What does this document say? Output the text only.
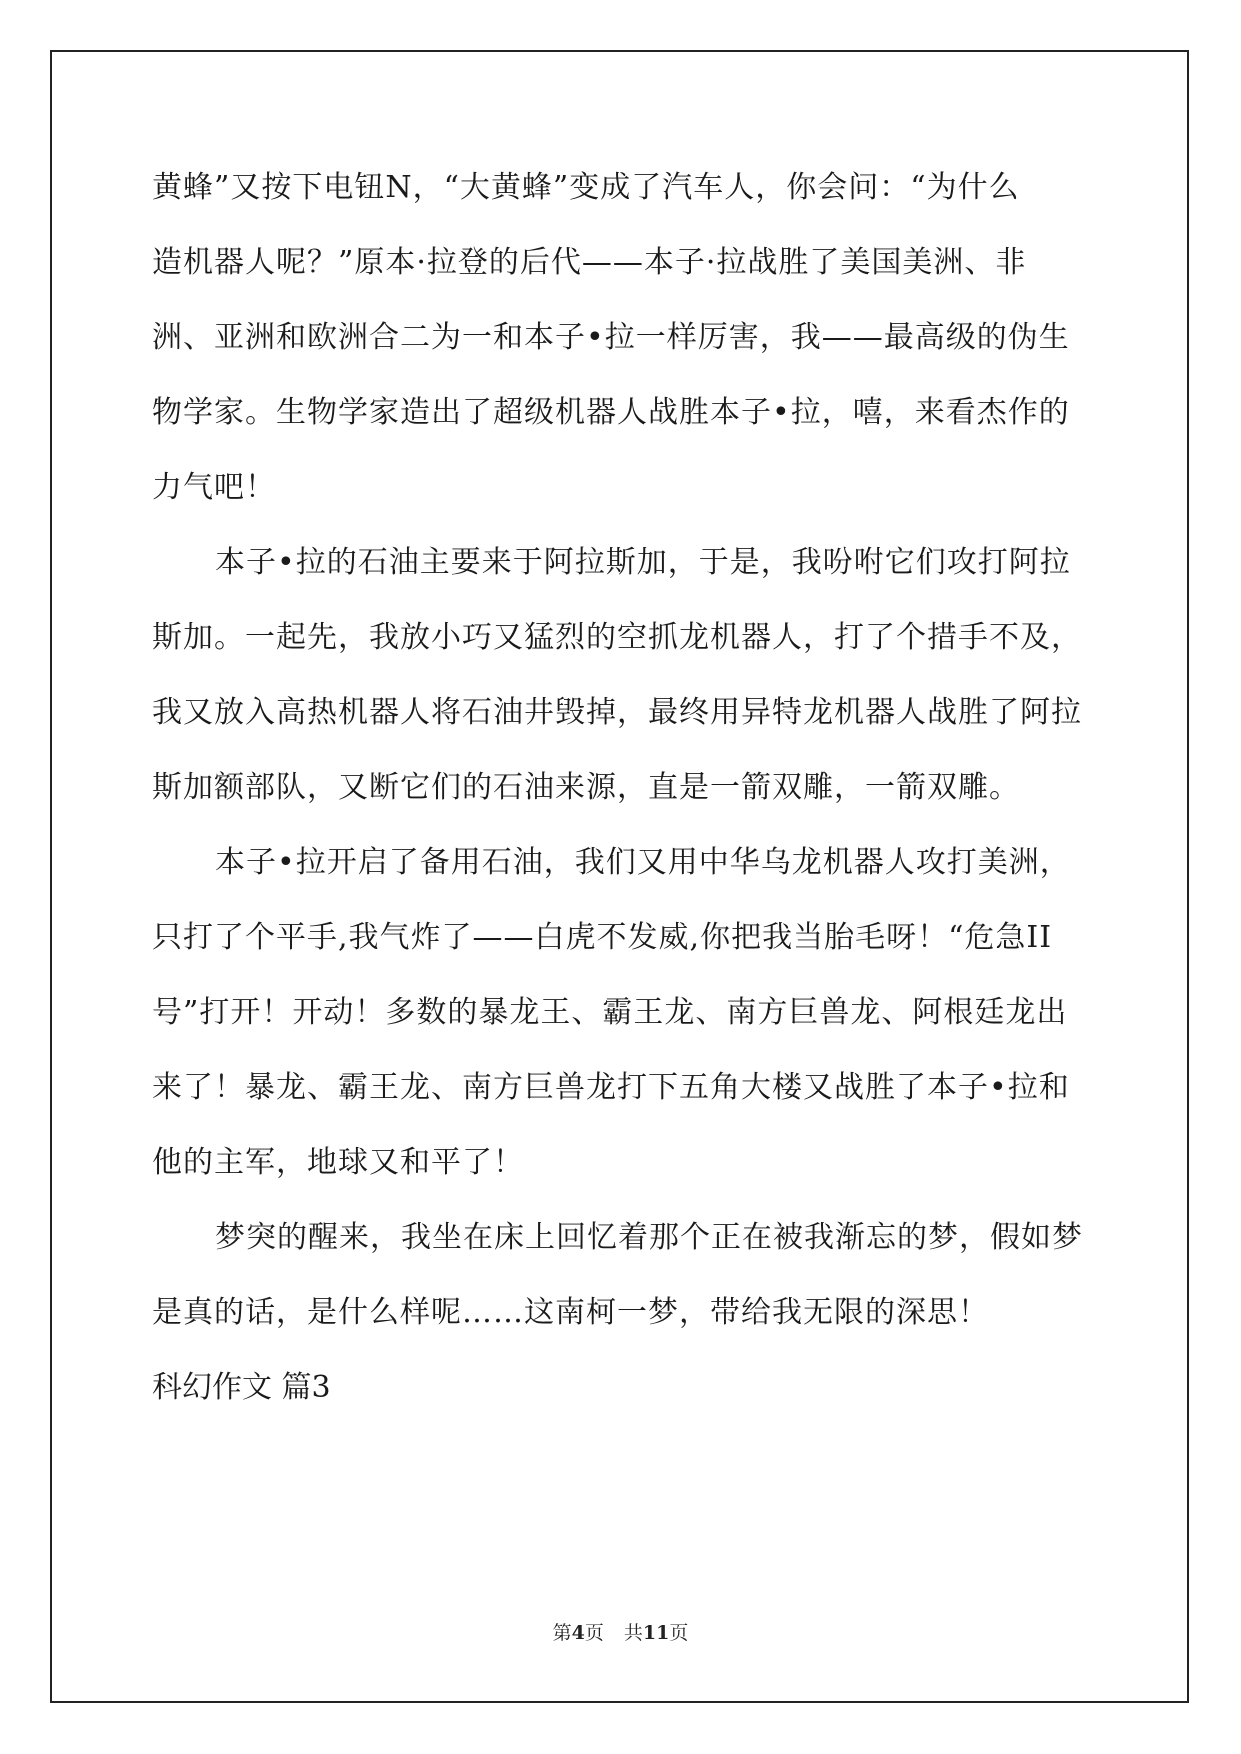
黄蜂”又按下电钮N，“大黄蜂”变成了汽车人，你会问：“为什么
造机器人呢？”原本·拉登的后代——本子·拉战胜了美国美洲、非
洲、亚洲和欧洲合二为一和本子•拉一样厉害，我——最高级的伪生
物学家。生物学家造出了超级机器人战胜本子•拉，嘻，来看杰作的
力气吧！
本子•拉的石油主要来于阿拉斯加，于是，我吩咐它们攻打阿拉
斯加。一起先，我放小巧又猛烈的空抓龙机器人，打了个措手不及，
我又放入高热机器人将石油井毁掉，最终用异特龙机器人战胜了阿拉
斯加额部队，又断它们的石油来源，直是一箭双雕，一箭双雕。
本子•拉开启了备用石油，我们又用中华乌龙机器人攻打美洲，
只打了个平手,我气炸了——白虎不发威,你把我当胎毛呀！“危急II
号”打开！开动！多数的暴龙王、霸王龙、南方巨兽龙、阿根廷龙出
来了！暴龙、霸王龙、南方巨兽龙打下五角大楼又战胜了本子•拉和
他的主军，地球又和平了！
梦突的醒来，我坐在床上回忆着那个正在被我渐忘的梦，假如梦
是真的话，是什么样呢……这南柯一梦，带给我无限的深思！
科幻作文 篇3
第4页 共11页
